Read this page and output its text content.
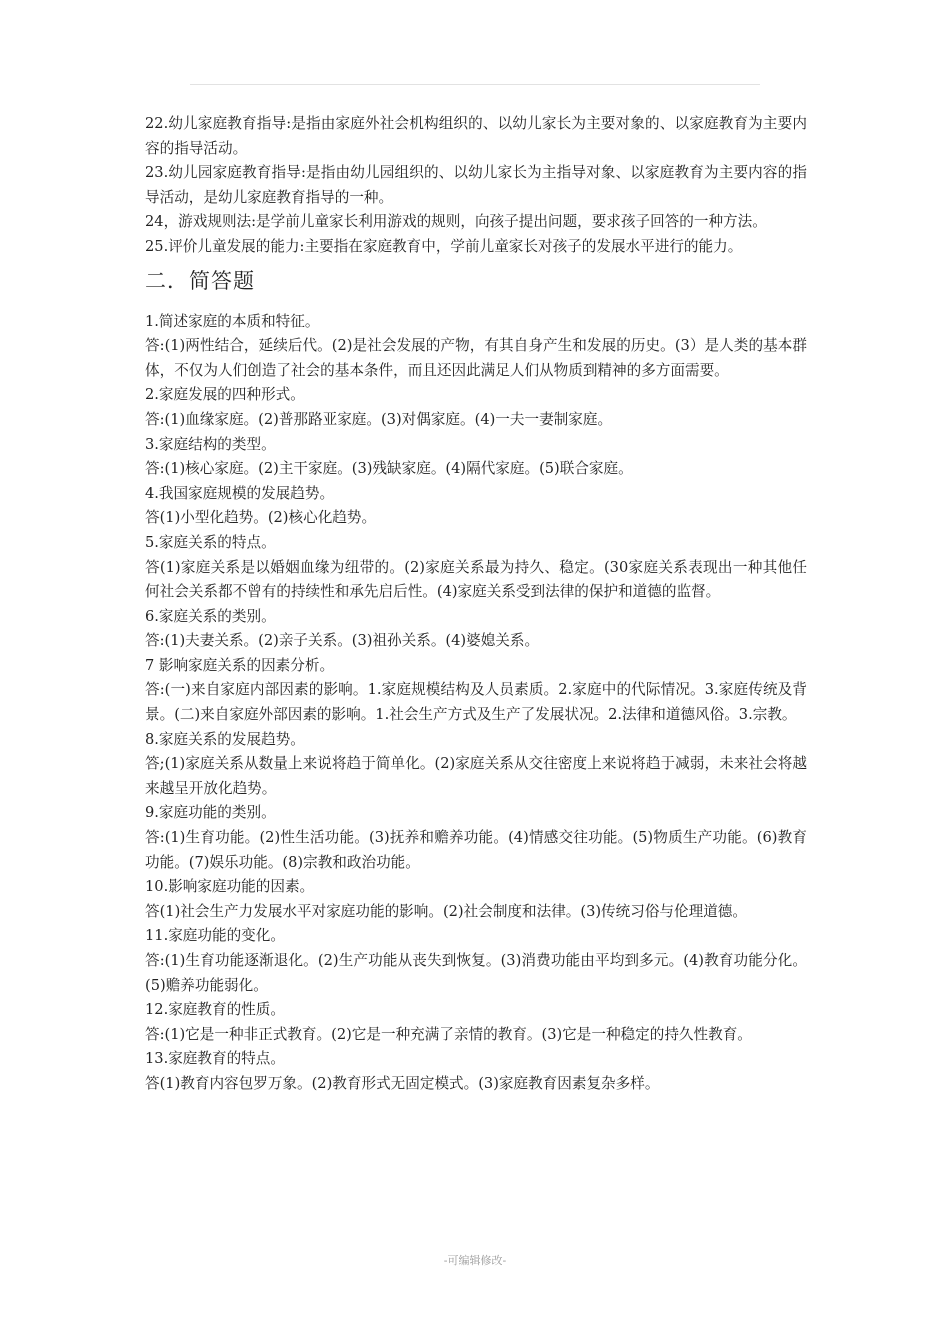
22.幼儿家庭教育指导:是指由家庭外社会机构组织的、以幼儿家长为主要对象的、以家庭教育为主要内容的指导活动。

23.幼儿园家庭教育指导:是指由幼儿园组织的、以幼儿家长为主指导对象、以家庭教育为主要内容的指导活动，是幼儿家庭教育指导的一种。

24，游戏规则法:是学前儿童家长利用游戏的规则，向孩子提出问题，要求孩子回答的一种方法。

25.评价儿童发展的能力:主要指在家庭教育中，学前儿童家长对孩子的发展水平进行的能力。

二．简答题

1.简述家庭的本质和特征。

答:(1)两性结合，延续后代。(2)是社会发展的产物，有其自身产生和发展的历史。(3）是人类的基本群体，不仅为人们创造了社会的基本条件，而且还因此满足人们从物质到精神的多方面需要。

2.家庭发展的四种形式。

答:(1)血缘家庭。(2)普那路亚家庭。(3)对偶家庭。(4)一夫一妻制家庭。

3.家庭结构的类型。

答:(1)核心家庭。(2)主干家庭。(3)残缺家庭。(4)隔代家庭。(5)联合家庭。

4.我国家庭规模的发展趋势。

答(1)小型化趋势。(2)核心化趋势。

5.家庭关系的特点。

答(1)家庭关系是以婚姻血缘为纽带的。(2)家庭关系最为持久、稳定。(30家庭关系表现出一种其他任何社会关系都不曾有的持续性和承先启后性。(4)家庭关系受到法律的保护和道德的监督。

6.家庭关系的类别。

答:(1)夫妻关系。(2)亲子关系。(3)祖孙关系。(4)婆媳关系。

7 影响家庭关系的因素分析。

答:(一)来自家庭内部因素的影响。1.家庭规模结构及人员素质。2.家庭中的代际情况。3.家庭传统及背景。(二)来自家庭外部因素的影响。1.社会生产方式及生产了发展状况。2.法律和道德风俗。3.宗教。

8.家庭关系的发展趋势。

答;(1)家庭关系从数量上来说将趋于简单化。(2)家庭关系从交往密度上来说将趋于减弱，未来社会将越来越呈开放化趋势。

9.家庭功能的类别。

答:(1)生育功能。(2)性生活功能。(3)抚养和赡养功能。(4)情感交往功能。(5)物质生产功能。(6)教育功能。(7)娱乐功能。(8)宗教和政治功能。

10.影响家庭功能的因素。

答(1)社会生产力发展水平对家庭功能的影响。(2)社会制度和法律。(3)传统习俗与伦理道德。

11.家庭功能的变化。

答:(1)生育功能逐渐退化。(2)生产功能从丧失到恢复。(3)消费功能由平均到多元。(4)教育功能分化。(5)赡养功能弱化。

12.家庭教育的性质。

答:(1)它是一种非正式教育。(2)它是一种充满了亲情的教育。(3)它是一种稳定的持久性教育。

13.家庭教育的特点。

答(1)教育内容包罗万象。(2)教育形式无固定模式。(3)家庭教育因素复杂多样。

-可编辑修改-
